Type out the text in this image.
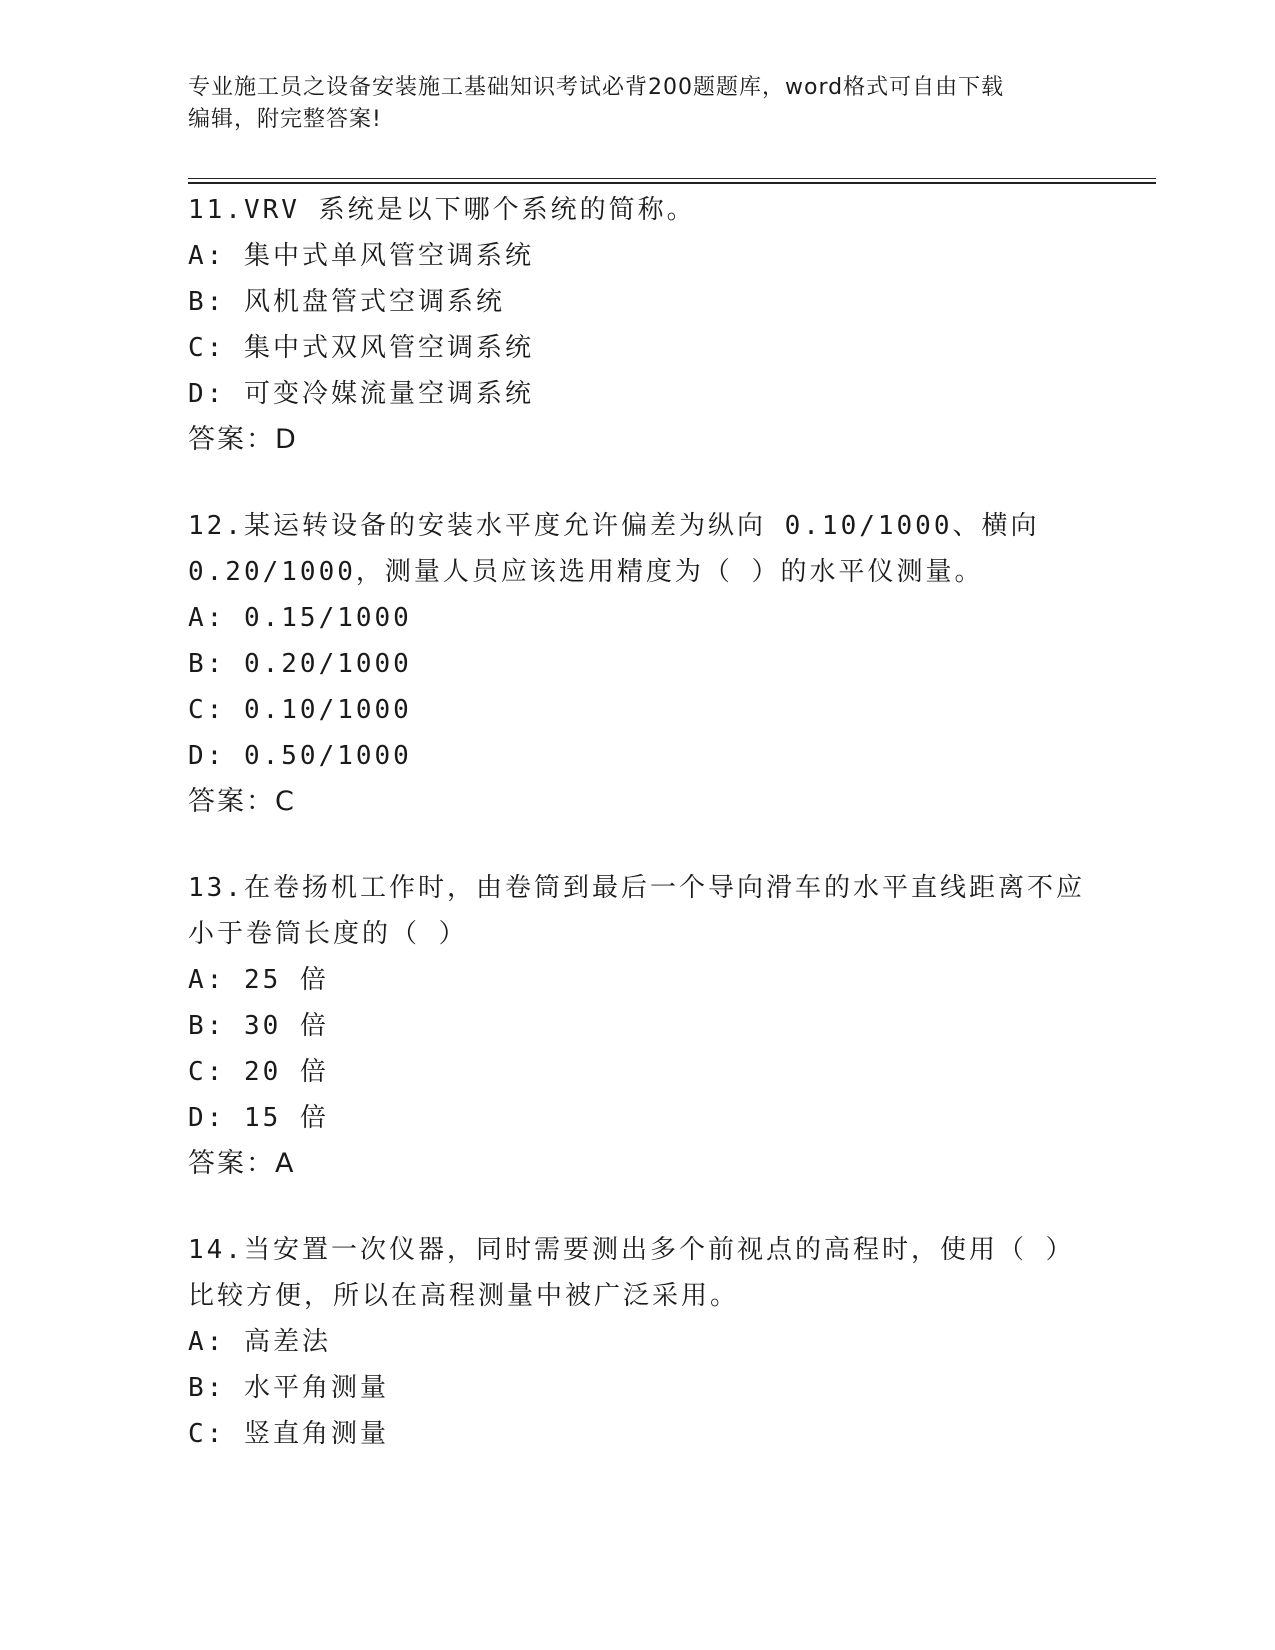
专业施工员之设备安装施工基础知识考试必背200题题库，word格式可自由下载
编辑，附完整答案!
11.VRV 系统是以下哪个系统的简称。
A: 集中式单风管空调系统
B: 风机盘管式空调系统
C: 集中式双风管空调系统
D: 可变冷媒流量空调系统
答案：D
12.某运转设备的安装水平度允许偏差为纵向 0.10/1000、横向
0.20/1000，测量人员应该选用精度为（ ）的水平仪测量。
A: 0.15/1000
B: 0.20/1000
C: 0.10/1000
D: 0.50/1000
答案：C
13.在卷扬机工作时，由卷筒到最后一个导向滑车的水平直线距离不应
小于卷筒长度的（ ）
A: 25 倍
B: 30 倍
C: 20 倍
D: 15 倍
答案：A
14.当安置一次仪器，同时需要测出多个前视点的高程时，使用（ ）
比较方便，所以在高程测量中被广泛采用。
A: 高差法
B: 水平角测量
C: 竖直角测量
